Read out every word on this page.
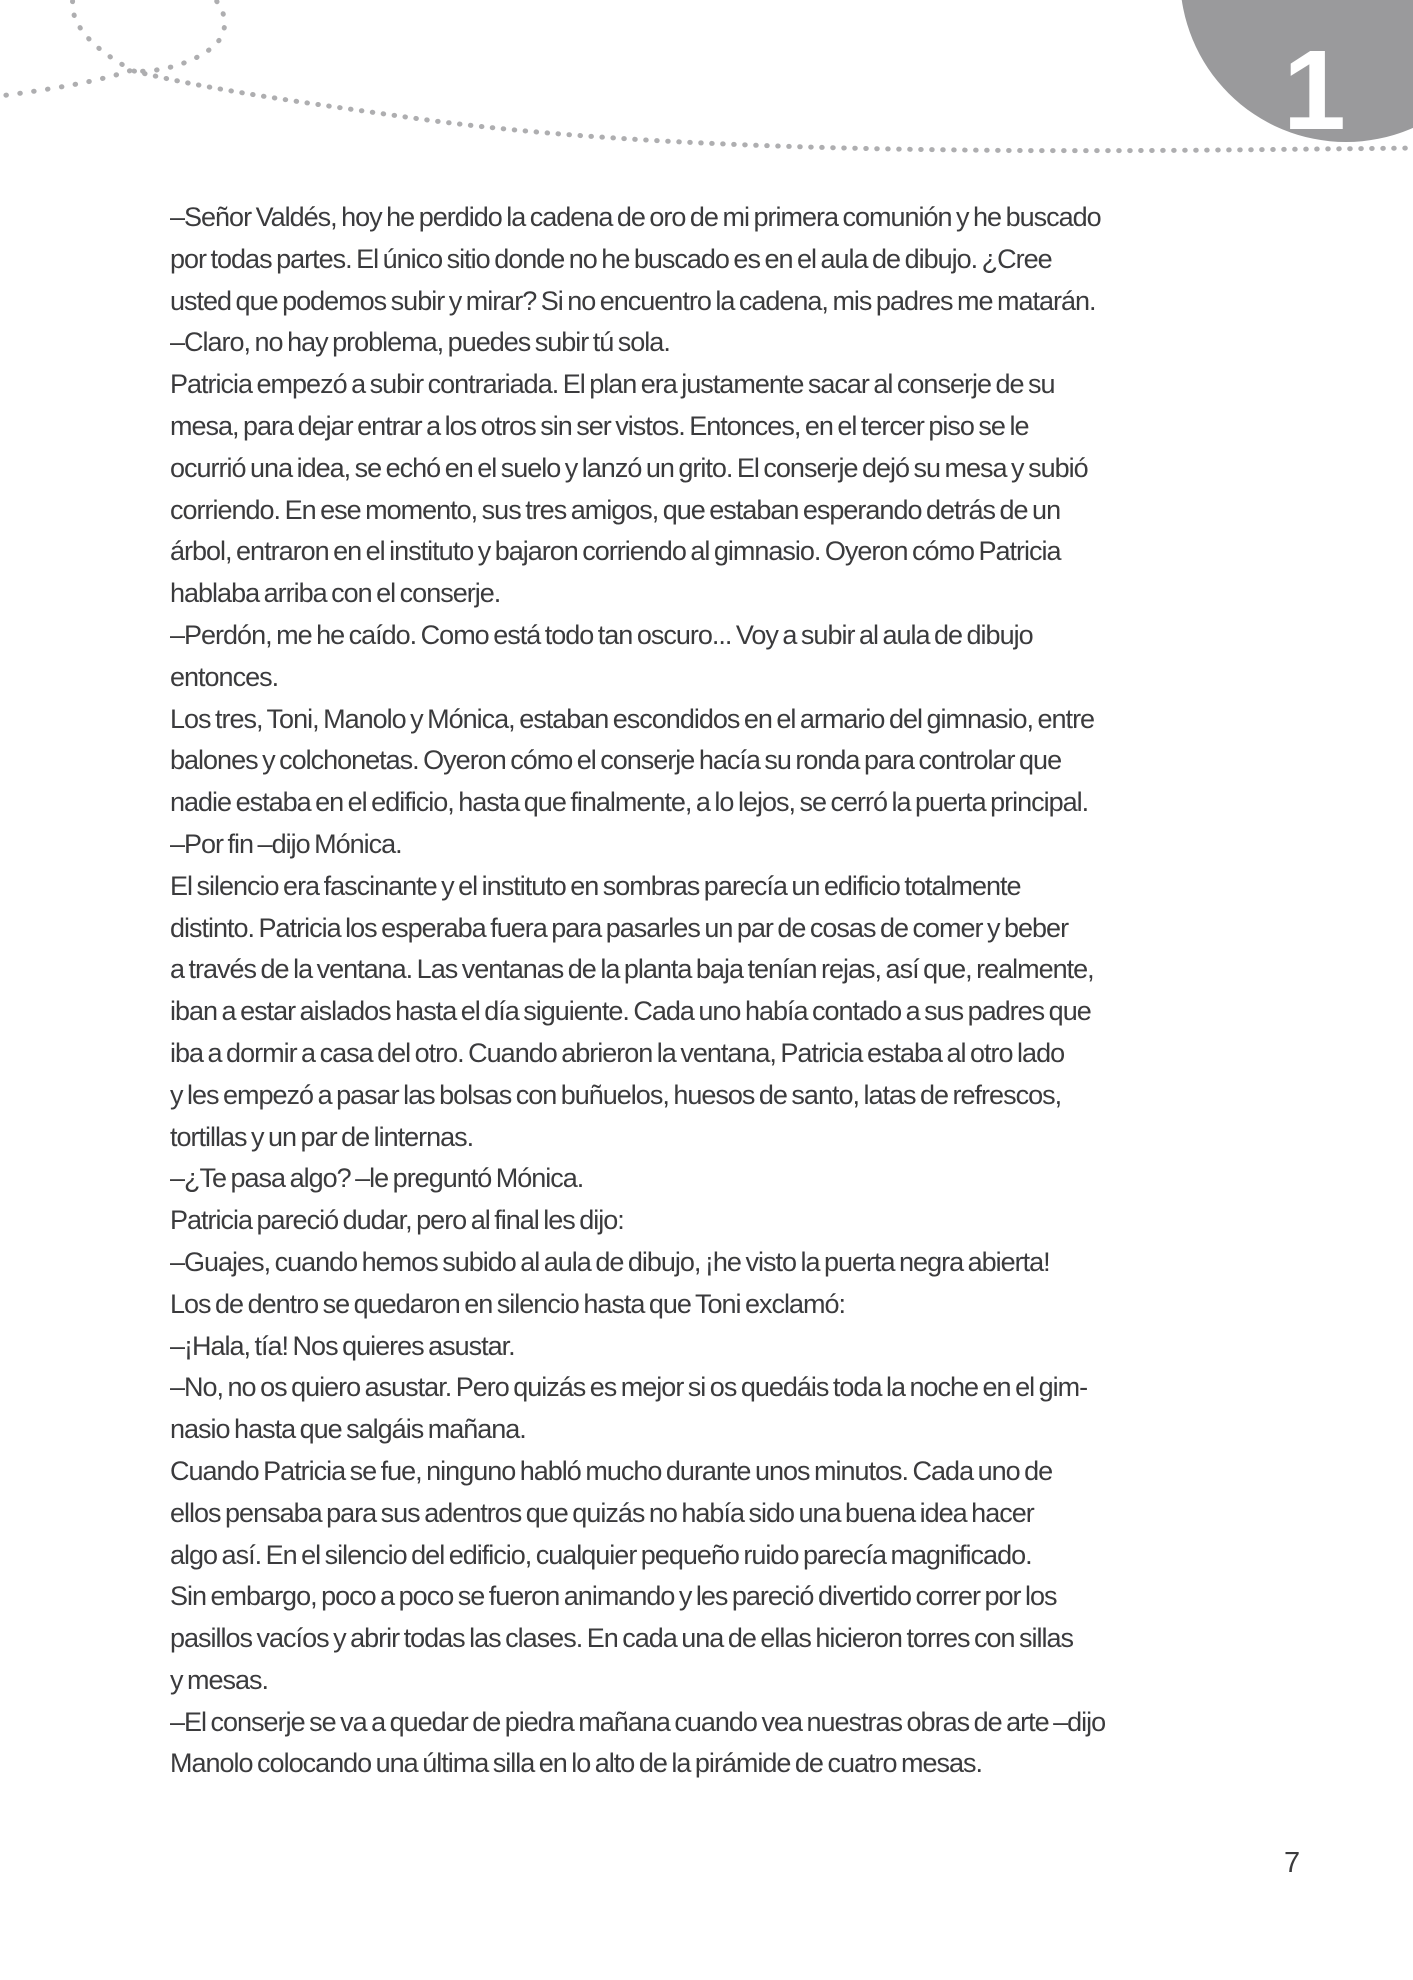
1
–Señor Valdés, hoy he perdido la cadena de oro de mi primera comunión y he buscado
por todas partes. El único sitio donde no he buscado es en el aula de dibujo. ¿Cree
usted que podemos subir y mirar? Si no encuentro la cadena, mis padres me matarán.
–Claro, no hay problema, puedes subir tú sola.
Patricia empezó a subir contrariada. El plan era justamente sacar al conserje de su
mesa, para dejar entrar a los otros sin ser vistos. Entonces, en el tercer piso se le
ocurrió una idea, se echó en el suelo y lanzó un grito. El conserje dejó su mesa y subió
corriendo. En ese momento, sus tres amigos, que estaban esperando detrás de un
árbol, entraron en el instituto y bajaron corriendo al gimnasio. Oyeron cómo Patricia
hablaba arriba con el conserje.
–Perdón, me he caído. Como está todo tan oscuro... Voy a subir al aula de dibujo
entonces.
Los tres, Toni, Manolo y Mónica, estaban escondidos en el armario del gimnasio, entre
balones y colchonetas. Oyeron cómo el conserje hacía su ronda para controlar que
nadie estaba en el edificio, hasta que finalmente, a lo lejos, se cerró la puerta principal.
–Por fin –dijo Mónica.
El silencio era fascinante y el instituto en sombras parecía un edificio totalmente
distinto. Patricia los esperaba fuera para pasarles un par de cosas de comer y beber
a través de la ventana. Las ventanas de la planta baja tenían rejas, así que, realmente,
iban a estar aislados hasta el día siguiente. Cada uno había contado a sus padres que
iba a dormir a casa del otro. Cuando abrieron la ventana, Patricia estaba al otro lado
y les empezó a pasar las bolsas con buñuelos, huesos de santo, latas de refrescos,
tortillas y un par de linternas.
–¿Te pasa algo? –le preguntó Mónica.
Patricia pareció dudar, pero al final les dijo:
–Guajes, cuando hemos subido al aula de dibujo, ¡he visto la puerta negra abierta!
Los de dentro se quedaron en silencio hasta que Toni exclamó:
–¡Hala, tía! Nos quieres asustar.
–No, no os quiero asustar. Pero quizás es mejor si os quedáis toda la noche en el gim-
nasio hasta que salgáis mañana.
Cuando Patricia se fue, ninguno habló mucho durante unos minutos. Cada uno de
ellos pensaba para sus adentros que quizás no había sido una buena idea hacer
algo así. En el silencio del edificio, cualquier pequeño ruido parecía magnificado.
Sin embargo, poco a poco se fueron animando y les pareció divertido correr por los
pasillos vacíos y abrir todas las clases. En cada una de ellas hicieron torres con sillas
y mesas.
–El conserje se va a quedar de piedra mañana cuando vea nuestras obras de arte –dijo
Manolo colocando una última silla en lo alto de la pirámide de cuatro mesas.
7
